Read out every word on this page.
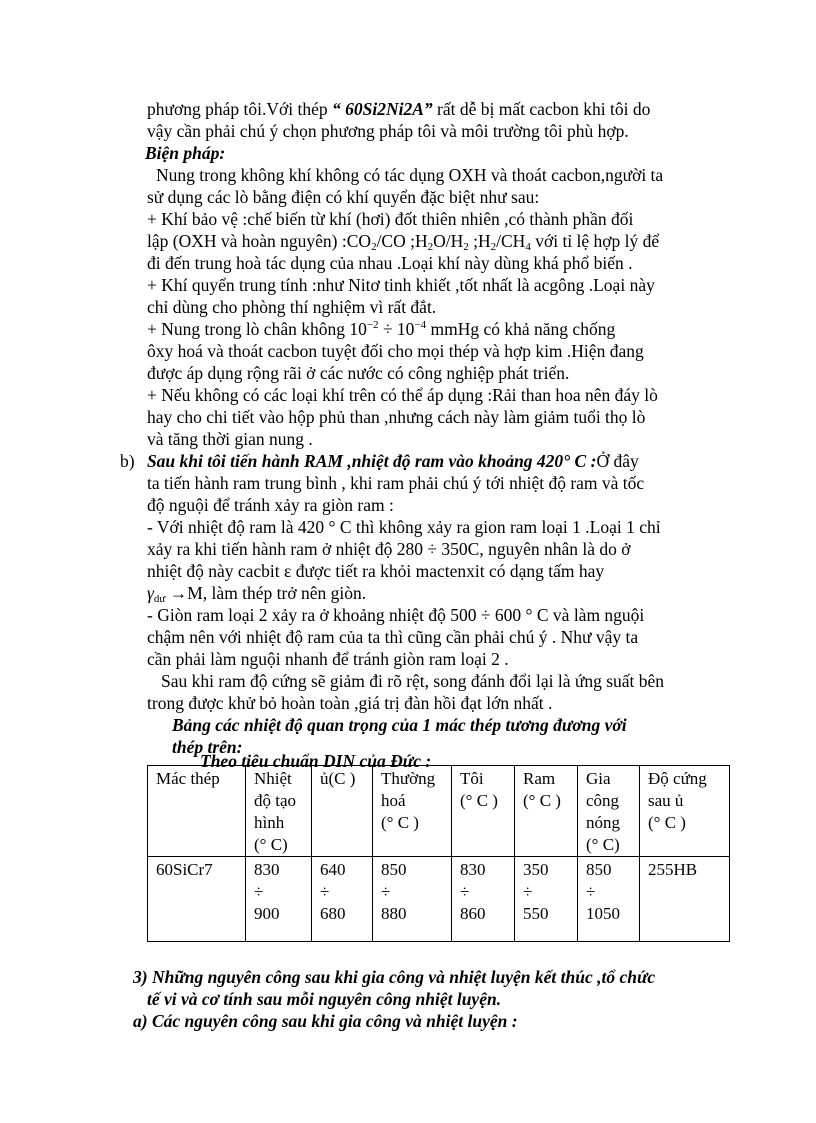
phương pháp tôi.Với thép “ 60Si2Ni2A” rất dễ bị mất cacbon khi tôi do
vậy cần phải chú ý chọn phương pháp tôi và môi trường tôi phù hợp.
Biện pháp:
Nung trong không khí không có tác dụng OXH và thoát cacbon,người ta
sử dụng các lò bằng điện có khí quyển đặc biệt như sau:
+ Khí bảo vệ :chế biến từ khí (hơi) đốt thiên nhiên ,có thành phần đối
lập (OXH và hoàn nguyên) $:CO_2/CO$ $;H_2O/H_2$ $;H_2/CH_4$ với tỉ lệ hợp lý để
đi đến trung hoà tác dụng của nhau .Loại khí này dùng khá phổ biến .
+ Khí quyển trung tính :như Nitơ tinh khiết ,tốt nhất là acgông .Loại này
chỉ dùng cho phòng thí nghiệm vì rất đắt.
+ Nung trong lò chân không $10^{-2} \div 10^{-4}$ mmHg có khả năng chống
ôxy hoá và thoát cacbon tuyệt đối cho mọi thép và hợp kim .Hiện đang
được áp dụng rộng rãi ở các nước có công nghiệp phát triển.
+ Nếu không có các loại khí trên có thể áp dụng :Rải than hoa nên đáy lò
hay cho chi tiết vào hộp phủ than ,nhưng cách này làm giảm tuổi thọ lò
và tăng thời gian nung .
b) Sau khi tôi tiến hành RAM ,nhiệt độ ram vào khoảng 420° C :Ở đây
ta tiến hành ram trung bình , khi ram phải chú ý tới nhiệt độ ram và tốc
độ nguội để tránh xảy ra giòn ram :
- Với nhiệt độ ram là 420 ° C thì không xảy ra gion ram loại 1 .Loại 1 chỉ
xảy ra khi tiến hành ram ở nhiệt độ 280 ÷ 350C, nguyên nhân là do ở
nhiệt độ này cacbit ε được tiết ra khỏi mactenxit có dạng tấm hay
$\gamma_{dư} \to M$, làm thép trở nên giòn.
- Giòn ram loại 2 xảy ra ở khoảng nhiệt độ 500 ÷ 600 ° C và làm nguội
chậm nên với nhiệt độ ram của ta thì cũng cần phải chú ý . Như vậy ta
cần phải làm nguội nhanh để tránh giòn ram loại 2 .
Sau khi ram độ cứng sẽ giảm đi rõ rệt, song đánh đổi lại là ứng suất bên
trong được khử bỏ hoàn toàn ,giá trị đàn hồi đạt lớn nhất .
Bảng các nhiệt độ quan trọng của 1 mác thép tương đương với
thép trên:
Theo tiêu chuẩn DIN của Đức :
Mác thép	Nhiệt
độ tạo
hình
(° C)	ủ(C )	Thường
hoá
(° C )	Tôi
(° C )	Ram
(° C )	Gia
công
nóng
(° C)	Độ cứng
sau ủ
(° C )

60SiCr7	830
÷
900	640
÷
680	850
÷
880	830
÷
860	350
÷
550	850
÷
1050	255HB
3) Những nguyên công sau khi gia công và nhiệt luyện kết thúc ,tổ chức
tế vi và cơ tính sau mỗi nguyên công nhiệt luyện.
a) Các nguyên công sau khi gia công và nhiệt luyện :
